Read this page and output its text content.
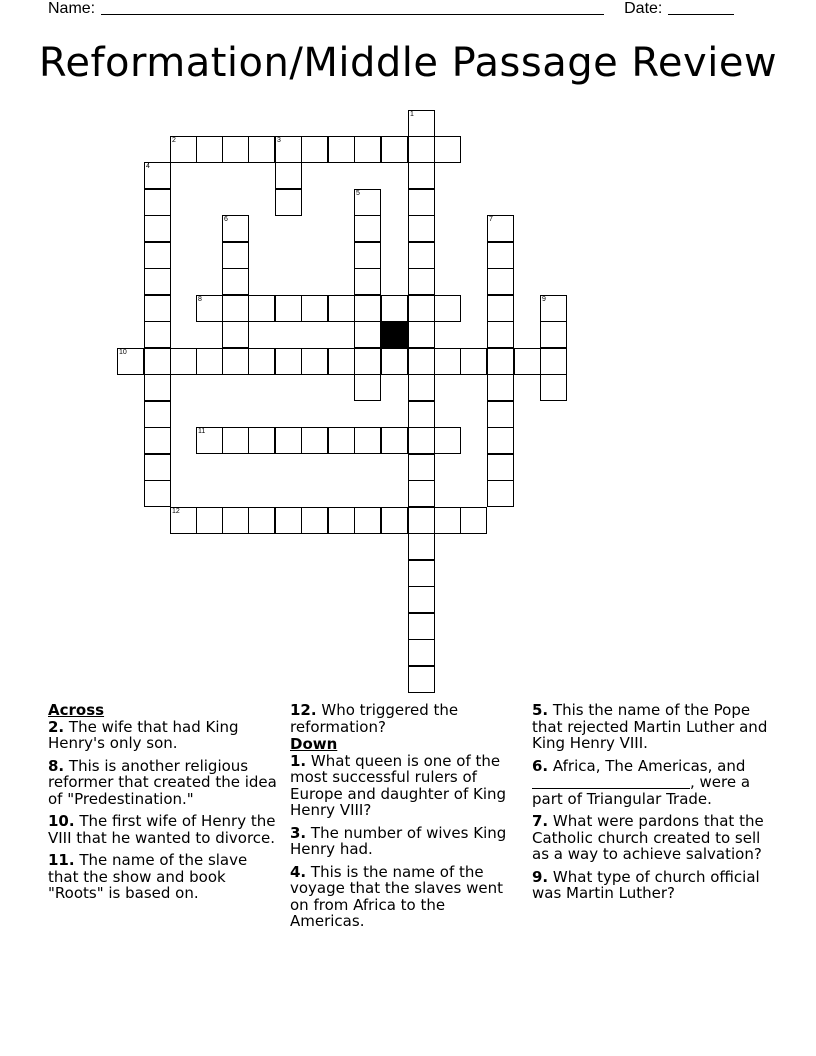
Name:	Date:
Reformation/Middle Passage Review
1
2	3
4
5
6	7
8	9
10
11
12
Across
2. The wife that had King Henry's only son.
8. This is another religious reformer that created the idea of "Predestination."
10. The first wife of Henry the VIII that he wanted to divorce.
11. The name of the slave that the show and book "Roots" is based on.
12. Who triggered the reformation?
Down
1. What queen is one of the most successful rulers of Europe and daughter of King Henry VIII?
3. The number of wives King Henry had.
4. This is the name of the voyage that the slaves went on from Africa to the Americas.
5. This the name of the Pope that rejected Martin Luther and King Henry VIII.
6. Africa, The Americas, and , were a part of Triangular Trade.
7. What were pardons that the Catholic church created to sell as a way to achieve salvation?
9. What type of church official was Martin Luther?
